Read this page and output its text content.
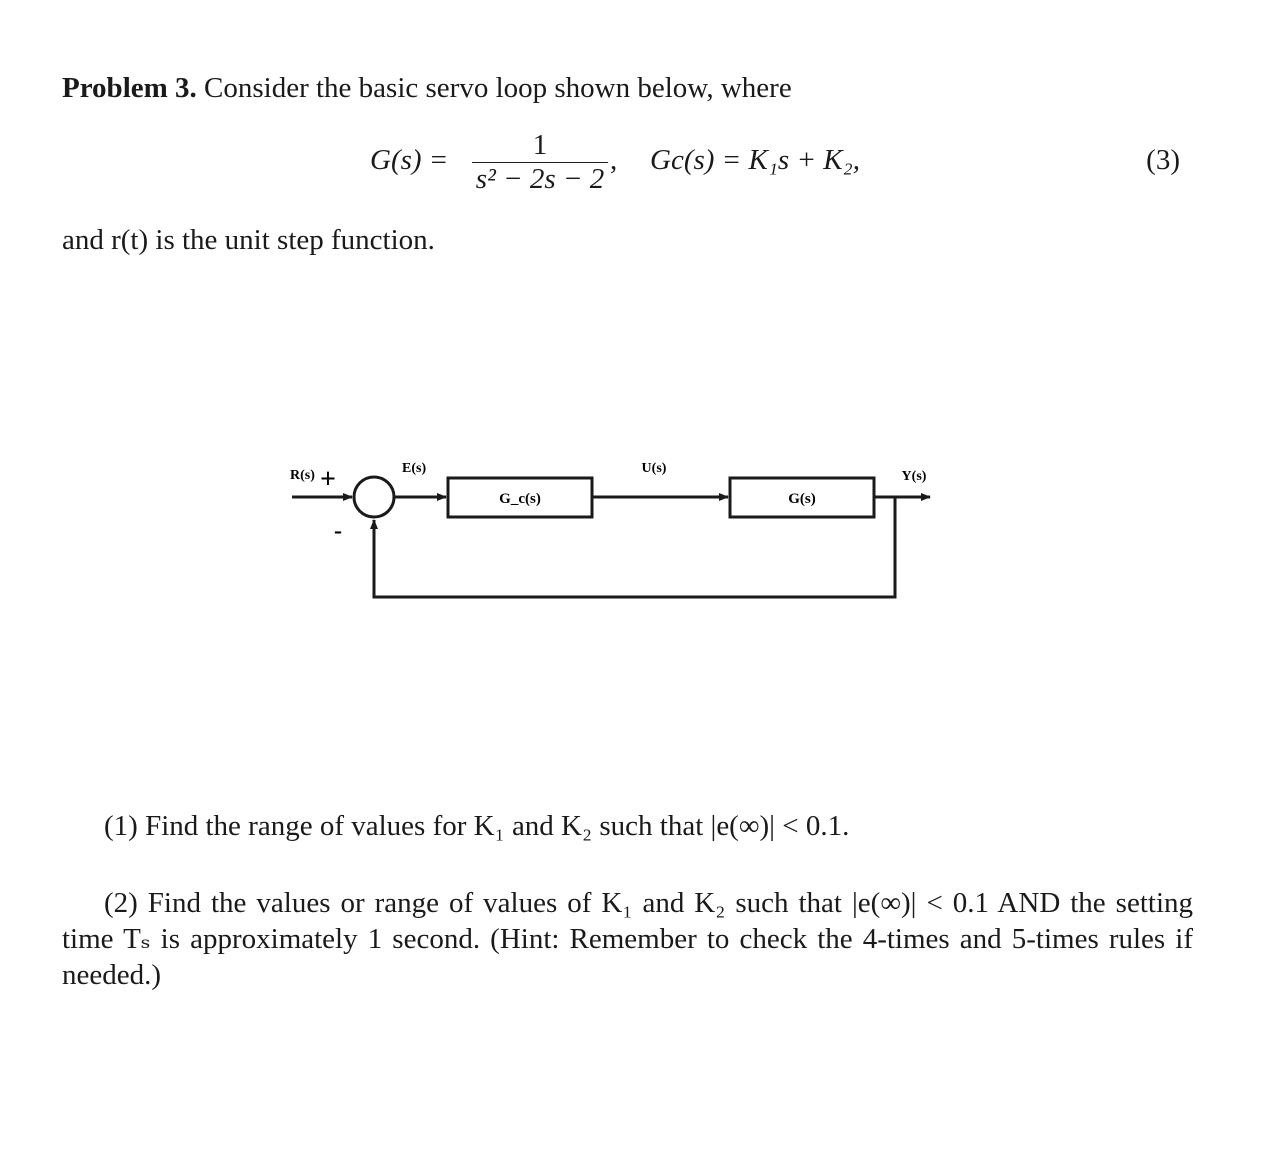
Problem 3. Consider the basic servo loop shown below, where
G(s) =	1
s² − 2s − 2
, Gc(s) = K₁s + K₂,	(3)
and r(t) is the unit step function.
R(s) +
-
E(s)
G_c(s)
U(s)
G(s)
Y(s)
(1) Find the range of values for K₁ and K₂ such that |e(∞)| < 0.1.
(2) Find the values or range of values of K₁ and K₂ such that |e(∞)| < 0.1 AND the setting time Tₛ is approximately 1 second. (Hint: Remember to check the 4-times and 5-times rules if needed.)
